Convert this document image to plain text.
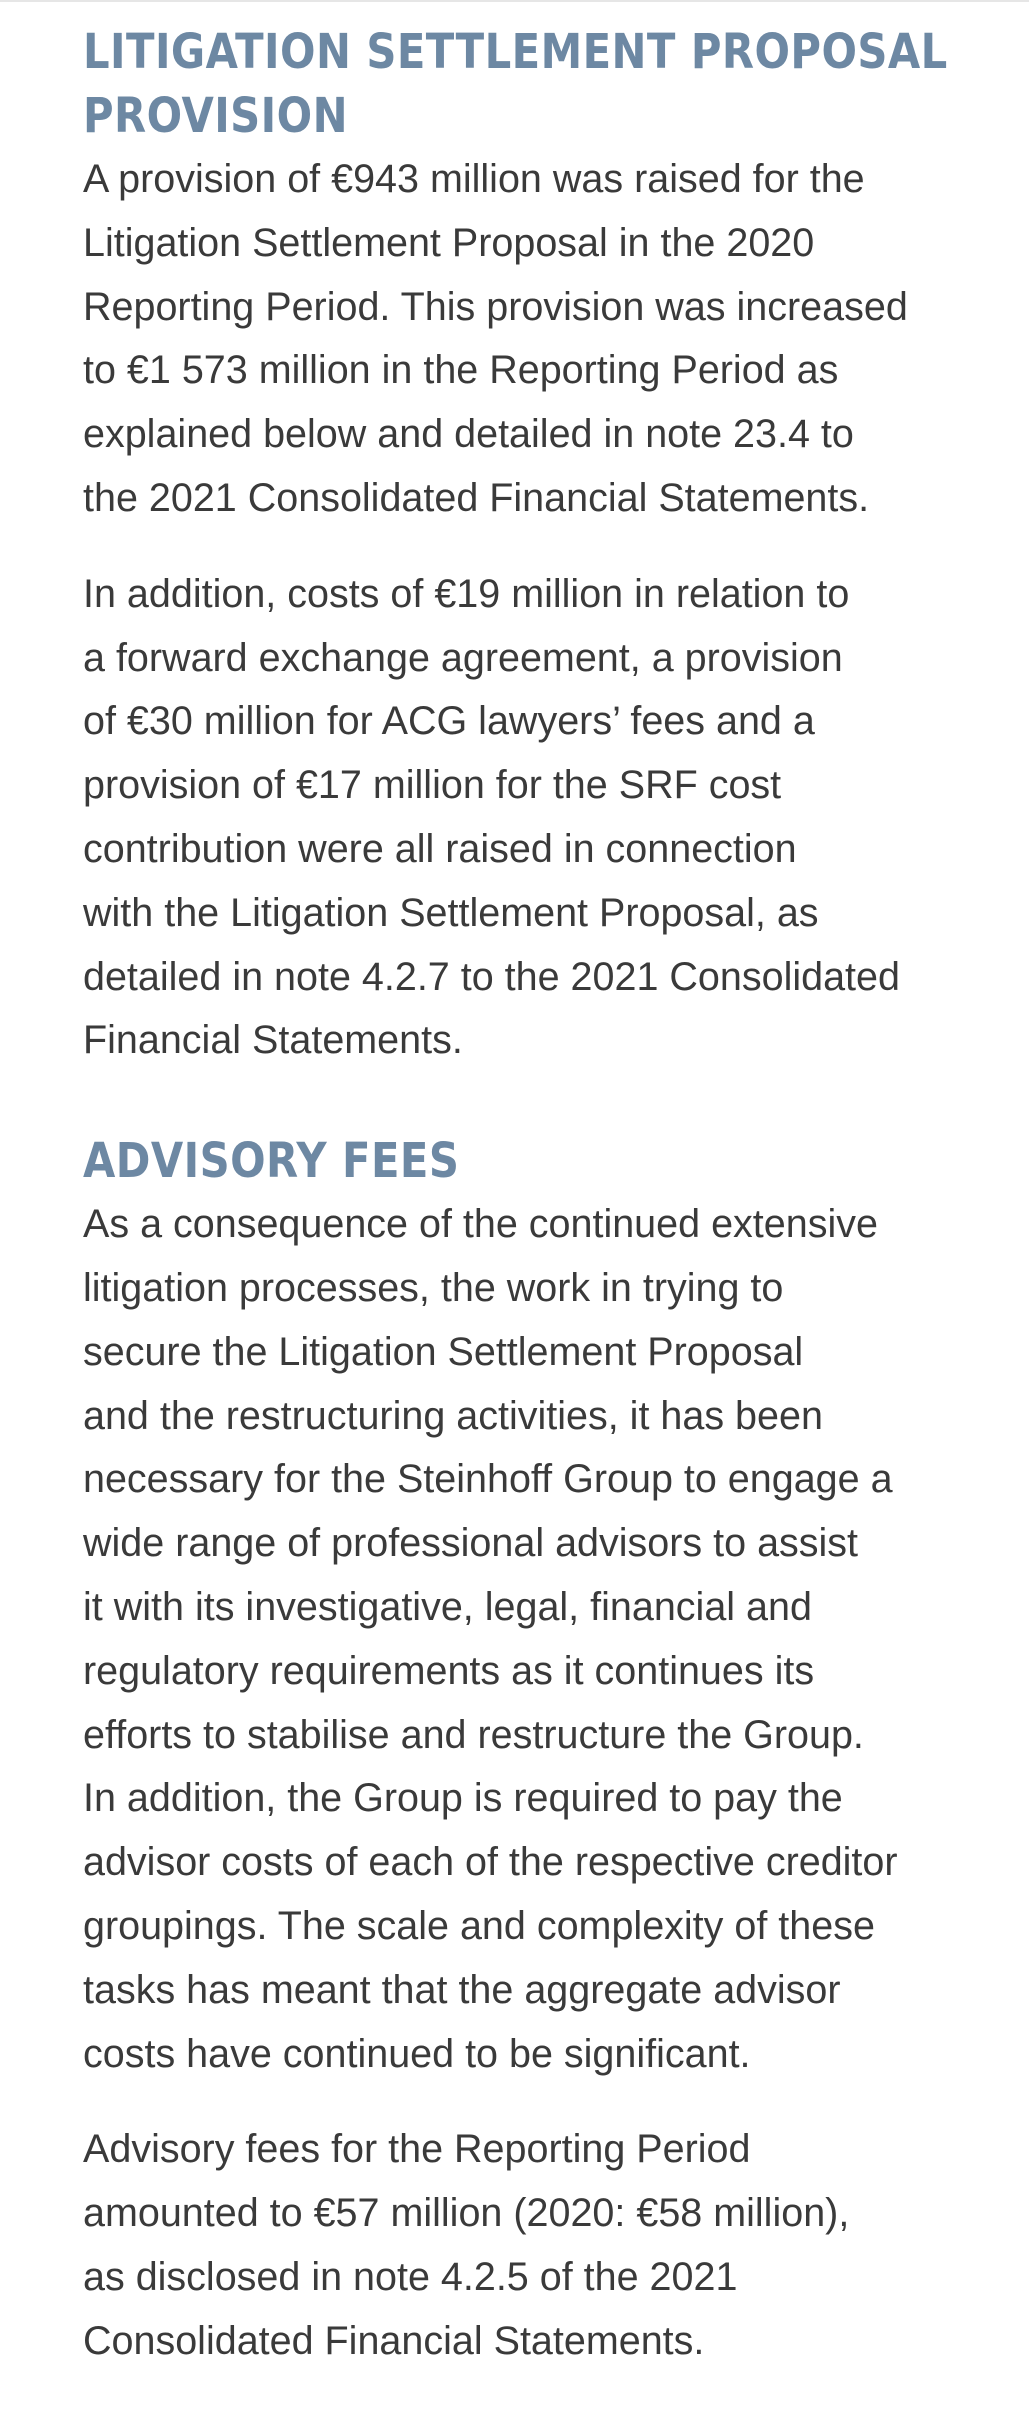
LITIGATION SETTLEMENT PROPOSAL
PROVISION

A provision of €943 million was raised for the
Litigation Settlement Proposal in the 2020
Reporting Period. This provision was increased
to €1 573 million in the Reporting Period as
explained below and detailed in note 23.4 to
the 2021 Consolidated Financial Statements.

In addition, costs of €19 million in relation to
a forward exchange agreement, a provision
of €30 million for ACG lawyers’ fees and a
provision of €17 million for the SRF cost
contribution were all raised in connection
with the Litigation Settlement Proposal, as
detailed in note 4.2.7 to the 2021 Consolidated
Financial Statements.

ADVISORY FEES

As a consequence of the continued extensive
litigation processes, the work in trying to
secure the Litigation Settlement Proposal
and the restructuring activities, it has been
necessary for the Steinhoff Group to engage a
wide range of professional advisors to assist
it with its investigative, legal, financial and
regulatory requirements as it continues its
efforts to stabilise and restructure the Group.
In addition, the Group is required to pay the
advisor costs of each of the respective creditor
groupings. The scale and complexity of these
tasks has meant that the aggregate advisor
costs have continued to be significant.

Advisory fees for the Reporting Period
amounted to €57 million (2020: €58 million),
as disclosed in note 4.2.5 of the 2021
Consolidated Financial Statements.
